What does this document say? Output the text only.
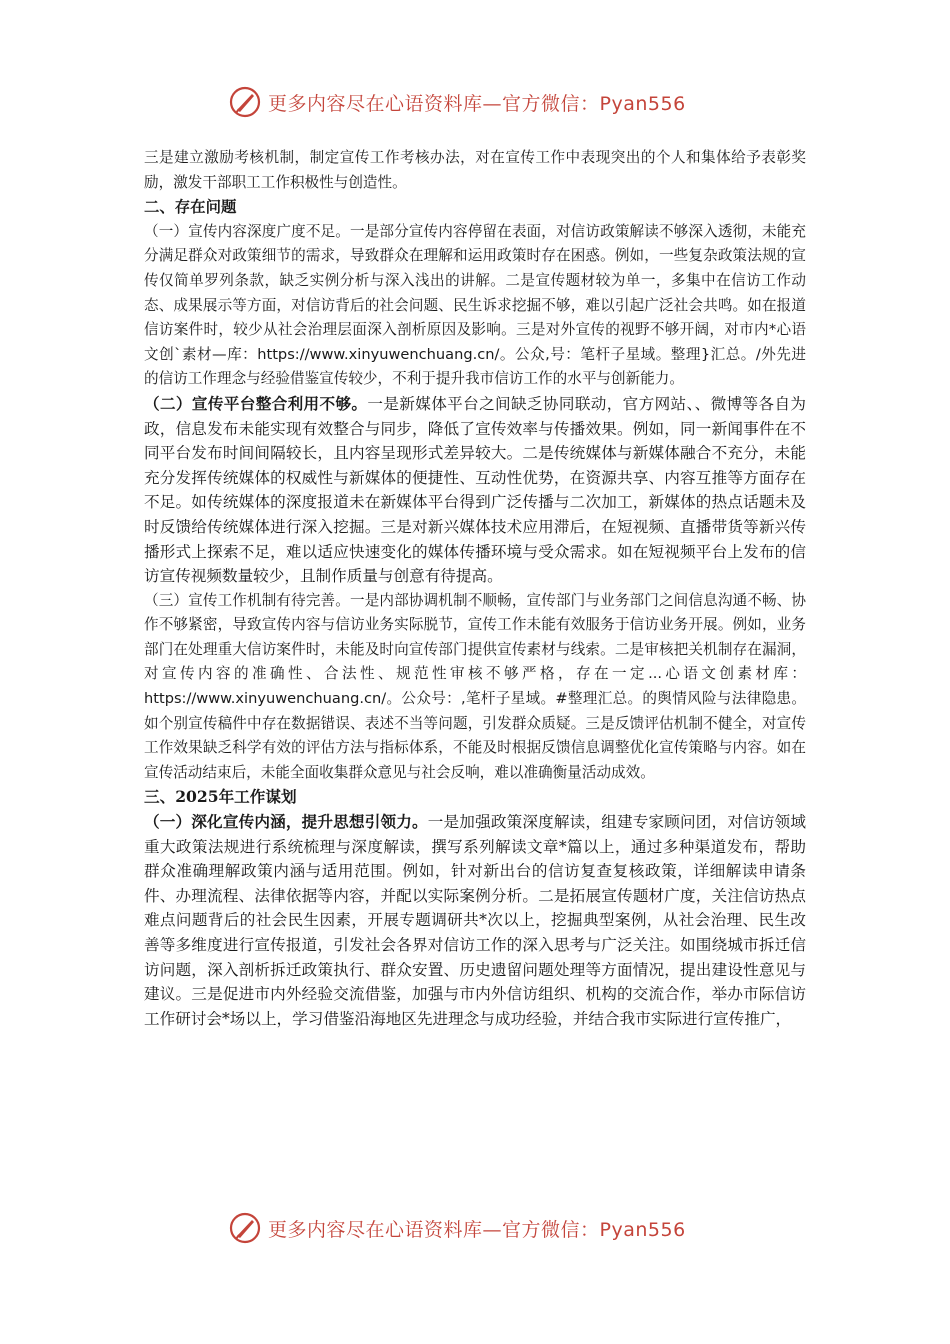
更多内容尽在心语资料库—官方微信：Pyan556

三是建立激励考核机制，制定宣传工作考核办法，对在宣传工作中表现突出的个人和集体给予表彰奖励，激发干部职工工作积极性与创造性。

二、存在问题

（一）宣传内容深度广度不足。一是部分宣传内容停留在表面，对信访政策解读不够深入透彻，未能充分满足群众对政策细节的需求，导致群众在理解和运用政策时存在困惑。例如，一些复杂政策法规的宣传仅简单罗列条款，缺乏实例分析与深入浅出的讲解。二是宣传题材较为单一，多集中在信访工作动态、成果展示等方面，对信访背后的社会问题、民生诉求挖掘不够，难以引起广泛社会共鸣。如在报道信访案件时，较少从社会治理层面深入剖析原因及影响。三是对外宣传的视野不够开阔，对市内*心语文创`素材—库：https://www.xinyuwenchuang.cn/。公众,号：笔杆子星域。整理}汇总。/外先进的信访工作理念与经验借鉴宣传较少，不利于提升我市信访工作的水平与创新能力。

（二）宣传平台整合利用不够。一是新媒体平台之间缺乏协同联动，官方网站、、微博等各自为政，信息发布未能实现有效整合与同步，降低了宣传效率与传播效果。例如，同一新闻事件在不同平台发布时间间隔较长，且内容呈现形式差异较大。二是传统媒体与新媒体融合不充分，未能充分发挥传统媒体的权威性与新媒体的便捷性、互动性优势，在资源共享、内容互推等方面存在不足。如传统媒体的深度报道未在新媒体平台得到广泛传播与二次加工，新媒体的热点话题未及时反馈给传统媒体进行深入挖掘。三是对新兴媒体技术应用滞后，在短视频、直播带货等新兴传播形式上探索不足，难以适应快速变化的媒体传播环境与受众需求。如在短视频平台上发布的信访宣传视频数量较少，且制作质量与创意有待提高。

（三）宣传工作机制有待完善。一是内部协调机制不顺畅，宣传部门与业务部门之间信息沟通不畅、协作不够紧密，导致宣传内容与信访业务实际脱节，宣传工作未能有效服务于信访业务开展。例如，业务部门在处理重大信访案件时，未能及时向宣传部门提供宣传素材与线索。二是审核把关机制存在漏洞，对宣传内容的准确性、合法性、规范性审核不够严格，存在一定...心语文创素材库：https://www.xinyuwenchuang.cn/。公众号：,笔杆子星域。#整理汇总。的舆情风险与法律隐患。如个别宣传稿件中存在数据错误、表述不当等问题，引发群众质疑。三是反馈评估机制不健全，对宣传工作效果缺乏科学有效的评估方法与指标体系，不能及时根据反馈信息调整优化宣传策略与内容。如在宣传活动结束后，未能全面收集群众意见与社会反响，难以准确衡量活动成效。

三、2025年工作谋划

（一）深化宣传内涵，提升思想引领力。一是加强政策深度解读，组建专家顾问团，对信访领域重大政策法规进行系统梳理与深度解读，撰写系列解读文章*篇以上，通过多种渠道发布，帮助群众准确理解政策内涵与适用范围。例如，针对新出台的信访复查复核政策，详细解读申请条件、办理流程、法律依据等内容，并配以实际案例分析。二是拓展宣传题材广度，关注信访热点难点问题背后的社会民生因素，开展专题调研共*次以上，挖掘典型案例，从社会治理、民生改善等多维度进行宣传报道，引发社会各界对信访工作的深入思考与广泛关注。如围绕城市拆迁信访问题，深入剖析拆迁政策执行、群众安置、历史遗留问题处理等方面情况，提出建设性意见与建议。三是促进市内外经验交流借鉴，加强与市内外信访组织、机构的交流合作，举办市际信访工作研讨会*场以上，学习借鉴沿海地区先进理念与成功经验，并结合我市实际进行宣传推广，

更多内容尽在心语资料库—官方微信：Pyan556
